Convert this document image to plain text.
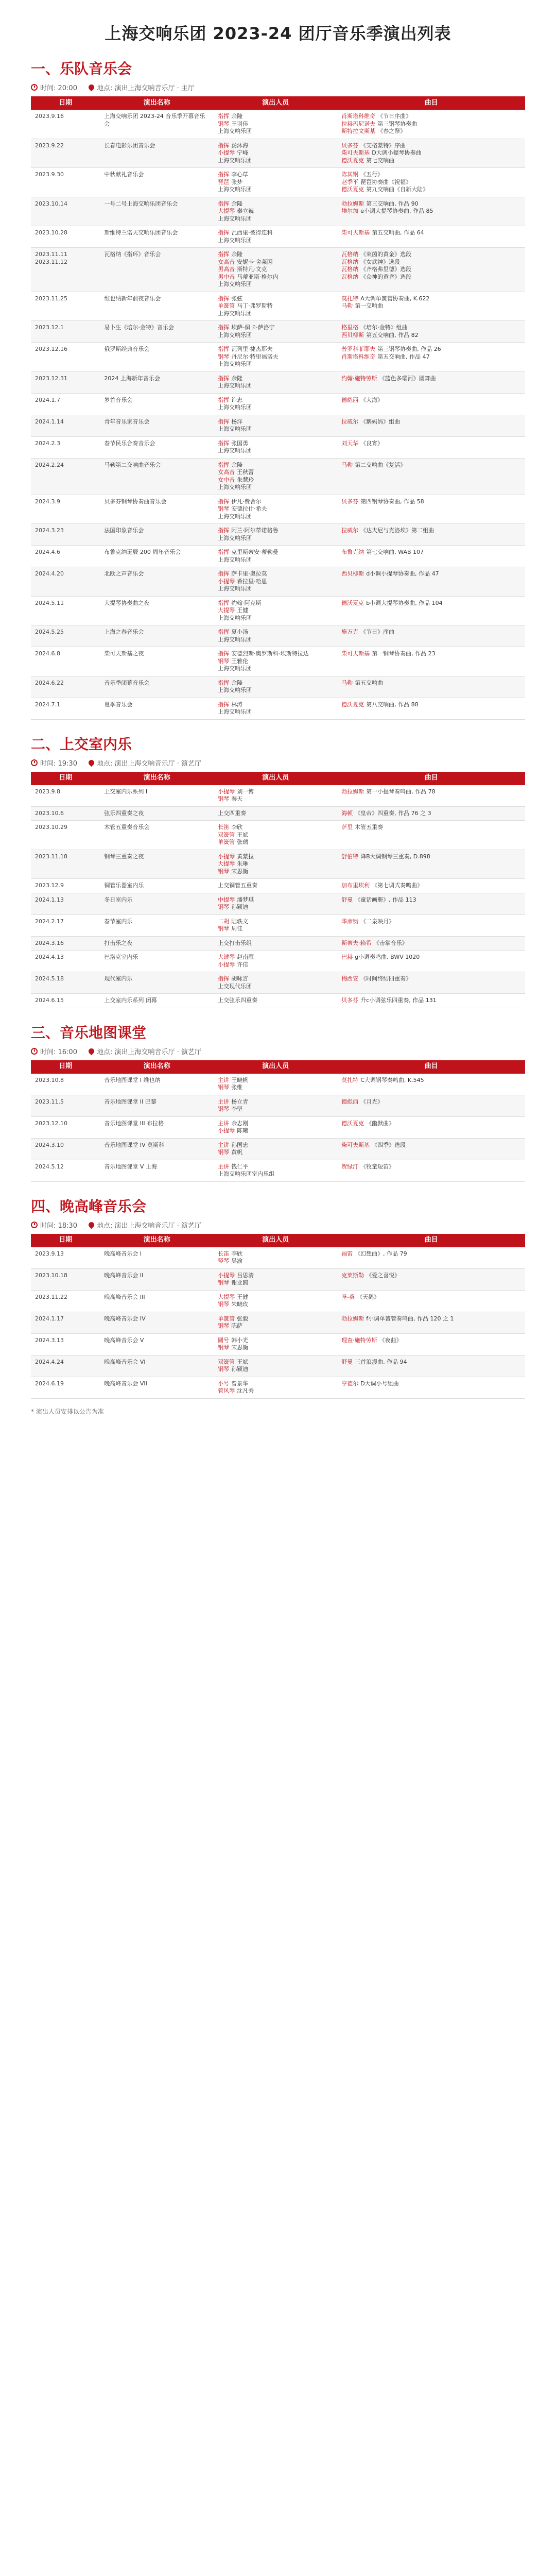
上海交响乐团 2023-24 团厅音乐季演出列表
一、乐队音乐会
时间: 20:00	地点: 演出上海交响音乐厅 · 主厅
日期	演出名称	演出人员	曲目
2023.9.16	上海交响乐团 2023-24 音乐季开幕音乐会	指挥 余隆
钢琴 王羽佳
上海交响乐团	肖斯塔科维奇 《节日序曲》
拉赫玛尼诺夫 第三钢琴协奏曲
斯特拉文斯基 《春之祭》

2023.9.22	长春电影乐团音乐会	指挥 汤沐海
小提琴 宁峰
上海交响乐团	贝多芬 《艾格蒙特》序曲
柴可夫斯基 D大调小提琴协奏曲
德沃夏克 第七交响曲

2023.9.30	中秋献礼音乐会	指挥 李心草
琵琶 张梦
上海交响乐团	陈其钢 《五行》
赵季平 琵琶协奏曲《祝福》
德沃夏克 第九交响曲《自新大陆》

2023.10.14	一号二号上海交响乐团音乐会	指挥 余隆
大提琴 秦立巍
上海交响乐团	勃拉姆斯 第三交响曲, 作品 90
埃尔加 e小调大提琴协奏曲, 作品 85

2023.10.28	斯维特兰诺夫交响乐团音乐会	指挥 瓦西里·彼得连科
上海交响乐团	柴可夫斯基 第五交响曲, 作品 64

2023.11.11
2023.11.12	瓦格纳《指环》音乐会	指挥 余隆
女高音 安妮卡·舍莱因
男高音 斯特凡·文克
男中音 马蒂亚斯·格尔内
上海交响乐团	瓦格纳 《莱茵的黄金》选段
瓦格纳 《女武神》选段
瓦格纳 《齐格弗里德》选段
瓦格纳 《众神的黄昏》选段

2023.11.25	维也纳新年前夜音乐会	指挥 张弦
单簧管 马丁·弗罗斯特
上海交响乐团	莫扎特 A大调单簧管协奏曲, K.622
马勒 第一交响曲

2023.12.1	易卜生《培尔·金特》音乐会	指挥 埃萨-佩卡·萨洛宁
上海交响乐团	格里格 《培尔·金特》组曲
西贝柳斯 第五交响曲, 作品 82

2023.12.16	俄罗斯经典音乐会	指挥 瓦列里·捷杰耶夫
钢琴 丹尼尔·特里福诺夫
上海交响乐团	普罗科菲耶夫 第三钢琴协奏曲, 作品 26
肖斯塔科维奇 第五交响曲, 作品 47

2023.12.31	2024 上海新年音乐会	指挥 余隆
上海交响乐团	约翰·施特劳斯 《蓝色多瑙河》圆舞曲

2024.1.7	岁首音乐会	指挥 许忠
上海交响乐团	德彪西 《大海》

2024.1.14	青年音乐家音乐会	指挥 杨洋
上海交响乐团	拉威尔 《鹅妈妈》组曲

2024.2.3	春节民乐合奏音乐会	指挥 张国勇
上海交响乐团	刘天华 《良宵》

2024.2.24	马勒第二交响曲音乐会	指挥 余隆
女高音 王秋蕾
女中音 朱慧玲
上海交响乐团	马勒 第二交响曲《复活》

2024.3.9	贝多芬钢琴协奏曲音乐会	指挥 伊凡·费舍尔
钢琴 安德拉什·希夫
上海交响乐团	贝多芬 第四钢琴协奏曲, 作品 58

2024.3.23	法国印象音乐会	指挥 阿兰·阿尔蒂诺格鲁
上海交响乐团	拉威尔 《达夫尼与克洛埃》第二组曲

2024.4.6	布鲁克纳诞辰 200 周年音乐会	指挥 克里斯蒂安·蒂勒曼
上海交响乐团	布鲁克纳 第七交响曲, WAB 107

2024.4.20	北欧之声音乐会	指挥 萨卡里·奥拉莫
小提琴 希拉里·哈恩
上海交响乐团	西贝柳斯 d小调小提琴协奏曲, 作品 47

2024.5.11	大提琴协奏曲之夜	指挥 约翰·阿克斯
大提琴 王健
上海交响乐团	德沃夏克 b小调大提琴协奏曲, 作品 104

2024.5.25	上海之春音乐会	指挥 夏小汤
上海交响乐团	施万克 《节日》序曲

2024.6.8	柴可夫斯基之夜	指挥 安德烈斯·奥罗斯科-埃斯特拉达
钢琴 王雅伦
上海交响乐团	柴可夫斯基 第一钢琴协奏曲, 作品 23

2024.6.22	音乐季闭幕音乐会	指挥 余隆
上海交响乐团	马勒 第五交响曲

2024.7.1	夏季音乐会	指挥 林涛
上海交响乐团	德沃夏克 第八交响曲, 作品 88
二、上交室内乐
时间: 19:30	地点: 演出上海交响音乐厅 · 演艺厅
日期	演出名称	演出人员	曲目
2023.9.8	上交室内乐系列 I	小提琴 刘一博
钢琴 秦天	勃拉姆斯 第一小提琴奏鸣曲, 作品 78

2023.10.6	弦乐四重奏之夜	上交四重奏	海顿 《皇帝》四重奏, 作品 76 之 3

2023.10.29	木管五重奏音乐会	长笛 李欣
双簧管 王斌
单簧管 张瑞	萨里 木管五重奏

2023.11.18	钢琴三重奏之夜	小提琴 黄蒙拉
大提琴 朱琳
钢琴 宋思衡	舒伯特 降B大调钢琴三重奏, D.898

2023.12.9	铜管乐器室内乐	上交铜管五重奏	加布里埃利 《第七调式奏鸣曲》

2024.1.13	冬日室内乐	中提琴 潘梦琪
钢琴 孙颖迪	舒曼 《童话画册》, 作品 113

2024.2.17	春节室内乐	二胡 陆轶文
钢琴 周佳	华彦钧 《二泉映月》

2024.3.16	打击乐之夜	上交打击乐组	斯蒂夫·赖希 《击掌音乐》

2024.4.13	巴洛克室内乐	大键琴 赵南雁
小提琴 许佳	巴赫 g小调奏鸣曲, BWV 1020

2024.5.18	现代室内乐	指挥 胡咏言
上交现代乐团	梅西安 《时间终结四重奏》

2024.6.15	上交室内乐系列 闭幕	上交弦乐四重奏	贝多芬 升c小调弦乐四重奏, 作品 131
三、音乐地图课堂
时间: 16:00	地点: 演出上海交响音乐厅 · 演艺厅
日期	演出名称	演出人员	曲目
2023.10.8	音乐地图课堂 I 维也纳	主讲 王晓帆
钢琴 张维	莫扎特 C大调钢琴奏鸣曲, K.545

2023.11.5	音乐地图课堂 II 巴黎	主讲 杨立青
钢琴 李坚	德彪西 《月光》

2023.12.10	音乐地图课堂 III 布拉格	主讲 余志刚
小提琴 陈曦	德沃夏克 《幽默曲》

2024.3.10	音乐地图课堂 IV 莫斯科	主讲 孙国忠
钢琴 黄帆	柴可夫斯基 《四季》选段

2024.5.12	音乐地图课堂 V 上海	主讲 钱仁平
上海交响乐团室内乐组	贺绿汀 《牧童短笛》
四、晚高峰音乐会
时间: 18:30	地点: 演出上海交响音乐厅 · 演艺厅
日期	演出名称	演出人员	曲目
2023.9.13	晚高峰音乐会 I	长笛 李欣
竖琴 吴渝	福雷 《幻想曲》, 作品 79

2023.10.18	晚高峰音乐会 II	小提琴 吕思清
钢琴 谢亚鸥	克莱斯勒 《爱之喜悦》

2023.11.22	晚高峰音乐会 III	大提琴 王健
钢琴 朱晓玫	圣-桑 《天鹅》

2024.1.17	晚高峰音乐会 IV	单簧管 张毅
钢琴 陈萨	勃拉姆斯 f小调单簧管奏鸣曲, 作品 120 之 1

2024.3.13	晚高峰音乐会 V	圆号 韩小光
钢琴 宋思衡	理查·施特劳斯 《夜曲》

2024.4.24	晚高峰音乐会 VI	双簧管 王斌
钢琴 孙颖迪	舒曼 三首浪漫曲, 作品 94

2024.6.19	晚高峰音乐会 VII	小号 曾景华
管风琴 沈凡秀	亨德尔 D大调小号组曲
* 演出人员安排以公告为准
